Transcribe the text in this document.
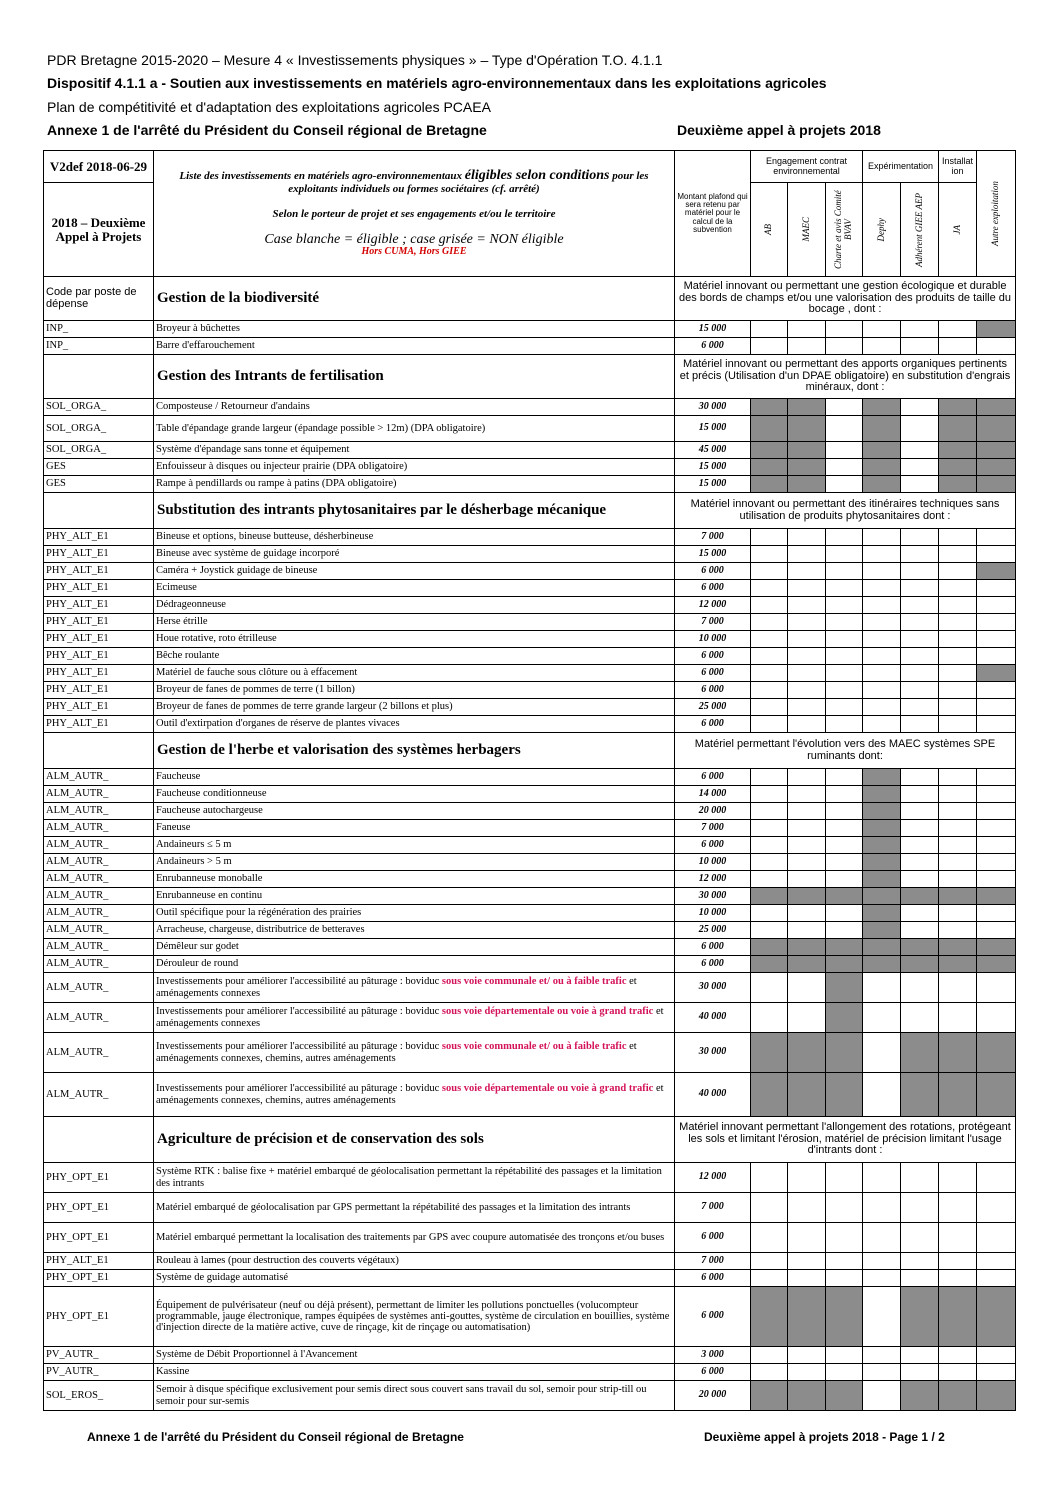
PDR Bretagne 2015-2020 – Mesure 4 « Investissements physiques » – Type d'Opération T.O. 4.1.1
Dispositif 4.1.1 a - Soutien aux investissements en matériels agro-environnementaux dans les exploitations agricoles
Plan de compétitivité et d'adaptation des exploitations agricoles PCAEA
Annexe 1 de l'arrêté du Président du Conseil régional de Bretagne	Deuxième appel à projets 2018
V2def 2018-06-29	Liste des investissements en matériels agro-environnementaux éligibles selon conditions pour les exploitants individuels ou formes sociétaires (cf. arrêté)
Selon le porteur de projet et ses engagements et/ou le territoire
Case blanche = éligible ; case grisée = NON éligible
Hors CUMA, Hors GIEE	Montant plafond qui sera retenu par matériel pour le calcul de la subvention	Engagement contrat environnemental			Expérimentation		Installation	Autre exploitation

2018 – Deuxième Appel à Projets			AB	MAEC	Charte et avis Comité BVAV	Dephy	Adhérent GIEE AEP	JA	

Code par poste de dépense	Gestion de la biodiversité	Matériel innovant ou permettant une gestion écologique et durable des bords de champs et/ou une valorisation des produits de taille du bocage , dont :							
INP_	Broyeur à bûchettes	15 000							
INP_	Barre d'effarouchement	6 000							
	Gestion des Intrants de fertilisation	Matériel innovant ou permettant des apports organiques pertinents et précis (Utilisation d'un DPAE obligatoire) en substitution d'engrais minéraux, dont :							
SOL_ORGA_	Composteuse / Retourneur d'andains	30 000							
SOL_ORGA_	Table d'épandage grande largeur (épandage possible > 12m) (DPA obligatoire)	15 000							
SOL_ORGA_	Système d'épandage sans tonne et équipement	45 000							
GES	Enfouisseur à disques ou injecteur prairie (DPA obligatoire)	15 000							
GES	Rampe à pendillards ou rampe à patins (DPA obligatoire)	15 000							
	Substitution des intrants phytosanitaires par le désherbage mécanique	Matériel innovant ou permettant des itinéraires techniques sans utilisation de produits phytosanitaires dont :							
PHY_ALT_E1	Bineuse et options, bineuse butteuse, désherbineuse	7 000							
PHY_ALT_E1	Bineuse avec système de guidage incorporé	15 000							
PHY_ALT_E1	Caméra + Joystick guidage de bineuse	6 000							
PHY_ALT_E1	Ecimeuse	6 000							
PHY_ALT_E1	Dédrageonneuse	12 000							
PHY_ALT_E1	Herse étrille	7 000							
PHY_ALT_E1	Houe rotative, roto étrilleuse	10 000							
PHY_ALT_E1	Bêche roulante	6 000							
PHY_ALT_E1	Matériel de fauche sous clôture ou à effacement	6 000							
PHY_ALT_E1	Broyeur de fanes de pommes de terre (1 billon)	6 000							
PHY_ALT_E1	Broyeur de fanes de pommes de terre grande largeur (2 billons et plus)	25 000							
PHY_ALT_E1	Outil d'extirpation d'organes de réserve de plantes vivaces	6 000							
	Gestion de l'herbe et valorisation des systèmes herbagers	Matériel permettant l'évolution vers des MAEC systèmes SPE ruminants dont:							
ALM_AUTR_	Faucheuse	6 000							
ALM_AUTR_	Faucheuse conditionneuse	14 000							
ALM_AUTR_	Faucheuse autochargeuse	20 000							
ALM_AUTR_	Faneuse	7 000							
ALM_AUTR_	Andaineurs ≤ 5 m	6 000							
ALM_AUTR_	Andaineurs > 5 m	10 000							
ALM_AUTR_	Enrubanneuse monoballe	12 000							
ALM_AUTR_	Enrubanneuse en continu	30 000							
ALM_AUTR_	Outil spécifique pour la régénération des prairies	10 000							
ALM_AUTR_	Arracheuse, chargeuse, distributrice de betteraves	25 000							
ALM_AUTR_	Démêleur sur godet	6 000							
ALM_AUTR_	Dérouleur de round	6 000							
ALM_AUTR_	Investissements pour améliorer l'accessibilité au pâturage : boviduc sous voie communale et/ ou à faible trafic et aménagements connexes	30 000							
ALM_AUTR_	Investissements pour améliorer l'accessibilité au pâturage : boviduc sous voie départementale ou voie à grand trafic et aménagements connexes	40 000							
ALM_AUTR_	Investissements pour améliorer l'accessibilité au pâturage : boviduc sous voie communale et/ ou à faible trafic et aménagements connexes, chemins, autres aménagements	30 000							
ALM_AUTR_	Investissements pour améliorer l'accessibilité au pâturage : boviduc sous voie départementale ou voie à grand trafic et aménagements connexes, chemins, autres aménagements	40 000							
	Agriculture de précision et de conservation des sols	Matériel innovant permettant l'allongement des rotations, protégeant les sols et limitant l'érosion, matériel de précision limitant l'usage d'intrants dont :							
PHY_OPT_E1	Système RTK : balise fixe + matériel embarqué de géolocalisation permettant la répétabilité des passages et la limitation des intrants	12 000							
PHY_OPT_E1	Matériel embarqué de géolocalisation par GPS permettant la répétabilité des passages et la limitation des intrants	7 000							
PHY_OPT_E1	Matériel embarqué permettant la localisation des traitements par GPS avec coupure automatisée des tronçons et/ou buses	6 000							
PHY_ALT_E1	Rouleau à lames (pour destruction des couverts végétaux)	7 000							
PHY_OPT_E1	Système de guidage automatisé	6 000							
PHY_OPT_E1	Équipement de pulvérisateur (neuf ou déjà présent), permettant de limiter les pollutions ponctuelles (volucompteur programmable, jauge électronique, rampes équipées de systèmes anti-gouttes, système de circulation en bouillies, système d'injection directe de la matière active, cuve de rinçage, kit de rinçage ou automatisation)	6 000							
PV_AUTR_	Système de Débit Proportionnel à l'Avancement	3 000							
PV_AUTR_	Kassine	6 000							
SOL_EROS_	Semoir à disque spécifique exclusivement pour semis direct sous couvert sans travail du sol, semoir pour strip-till ou semoir pour sur-semis	20 000							
Annexe 1 de l'arrêté du Président du Conseil régional de Bretagne	Deuxième appel à projets 2018 - Page 1 / 2
